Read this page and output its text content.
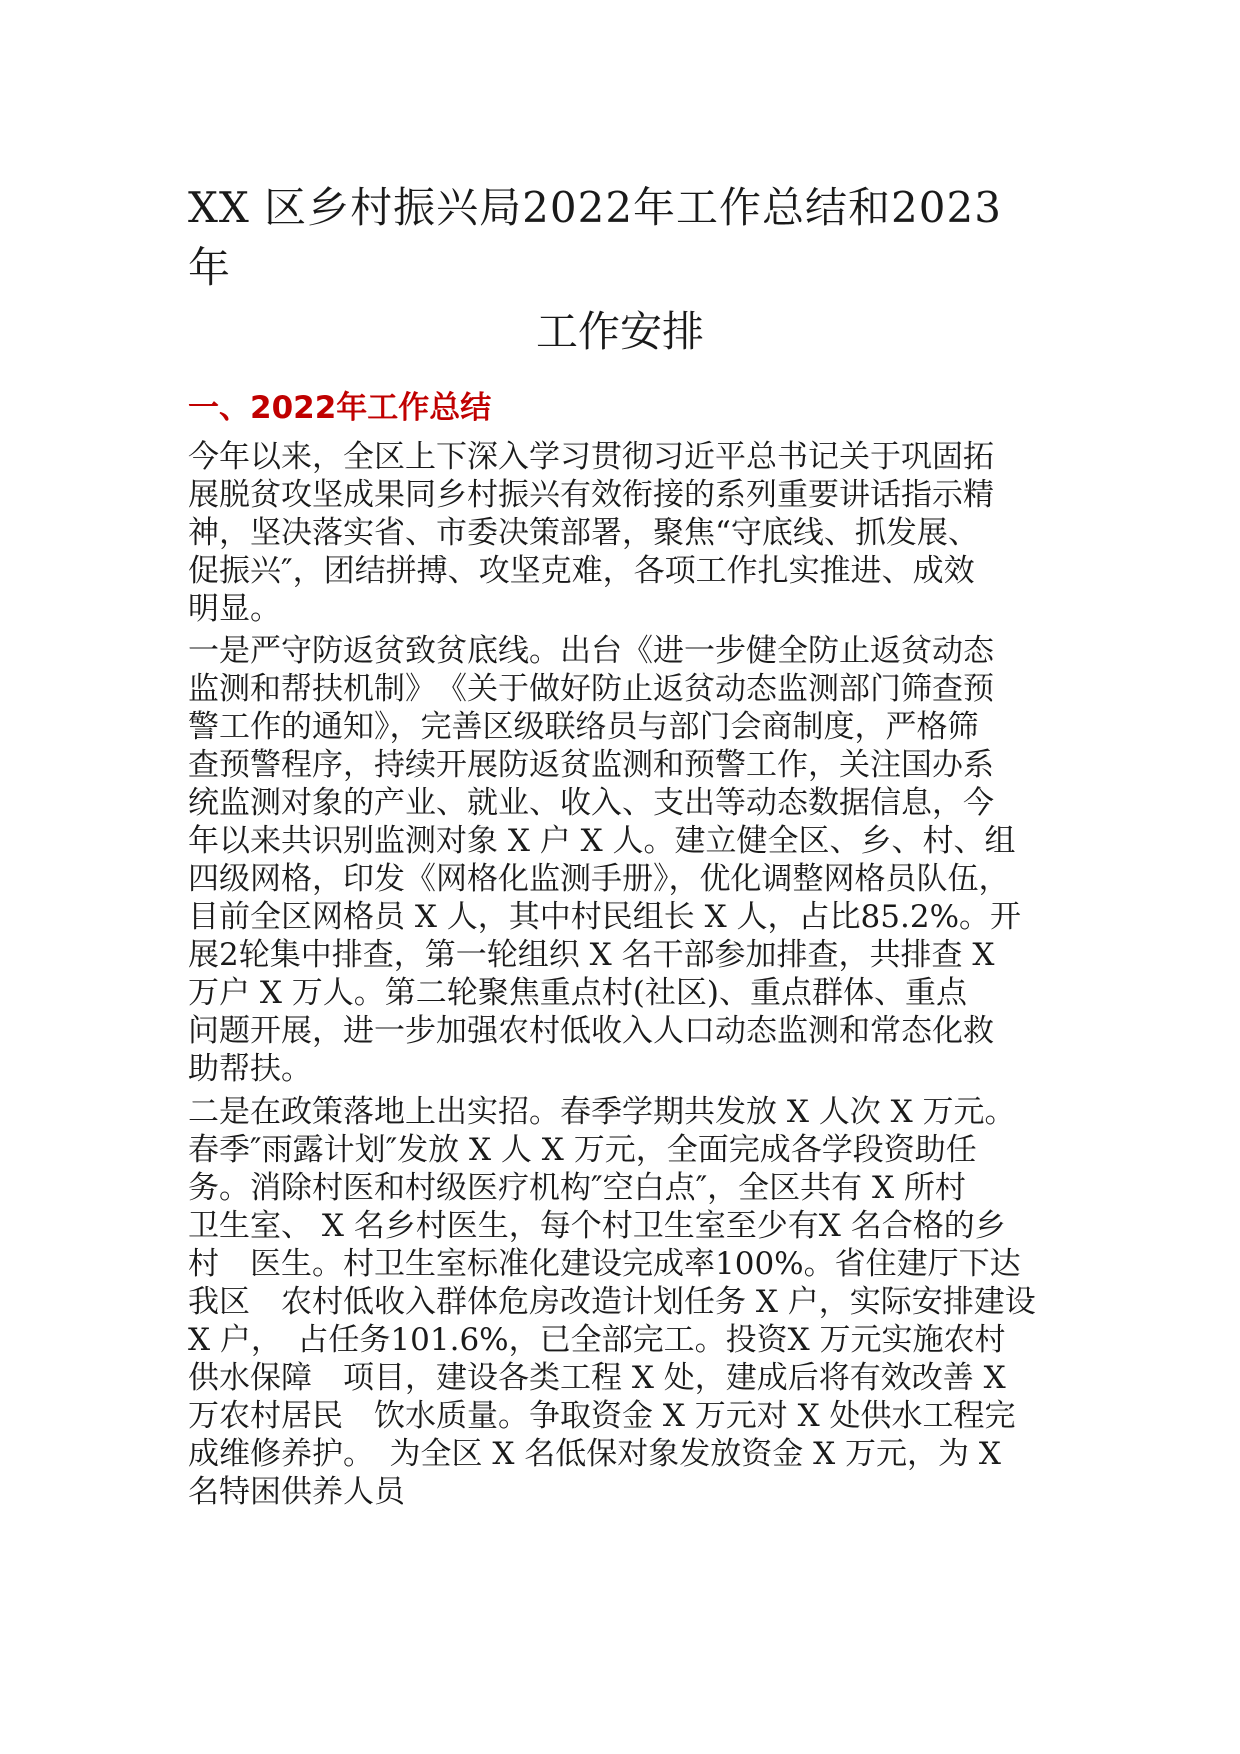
XX 区乡村振兴局2022年工作总结和2023
年
工作安排
一、2022年工作总结

今年以来，全区上下深入学习贯彻习近平总书记关于巩固拓
展脱贫攻坚成果同乡村振兴有效衔接的系列重要讲话指示精
神，坚决落实省、市委决策部署，聚焦“守底线、抓发展、
促振兴″，团结拼搏、攻坚克难，各项工作扎实推进、成效
明显。

一是严守防返贫致贫底线。出台《进一步健全防止返贫动态
监测和帮扶机制》　《关于做好防止返贫动态监测部门筛查预
警工作的通知》，完善区级联络员与部门会商制度，严格筛
查预警程序，持续开展防返贫监测和预警工作，关注国办系
统监测对象的产业、就业、收入、支出等动态数据信息，今
年以来共识别监测对象 X 户 X 人。建立健全区、乡、村、组
四级网格，印发《网格化监测手册》，优化调整网格员队伍，
目前全区网格员 X 人，其中村民组长 X 人，占比85.2%。开
展2轮集中排查，第一轮组织 X 名干部参加排查，共排查 X
万户 X 万人。第二轮聚焦重点村(社区)、重点群体、重点
问题开展，进一步加强农村低收入人口动态监测和常态化救
助帮扶。

二是在政策落地上出实招。春季学期共发放 X 人次 X 万元。
春季″雨露计划″发放 X 人 X 万元，全面完成各学段资助任
务。消除村医和村级医疗机构″空白点″，全区共有 X 所村
卫生室、 X 名乡村医生，每个村卫生室至少有X 名合格的乡
村　医生。村卫生室标准化建设完成率100%。省住建厅下达
我区　农村低收入群体危房改造计划任务 X 户，实际安排建设
X 户，　占任务101.6%，已全部完工。投资X 万元实施农村
供水保障　项目，建设各类工程 X 处，建成后将有效改善 X
万农村居民　饮水质量。争取资金 X 万元对 X 处供水工程完
成维修养护。　为全区 X 名低保对象发放资金 X 万元，为 X
名特困供养人员
